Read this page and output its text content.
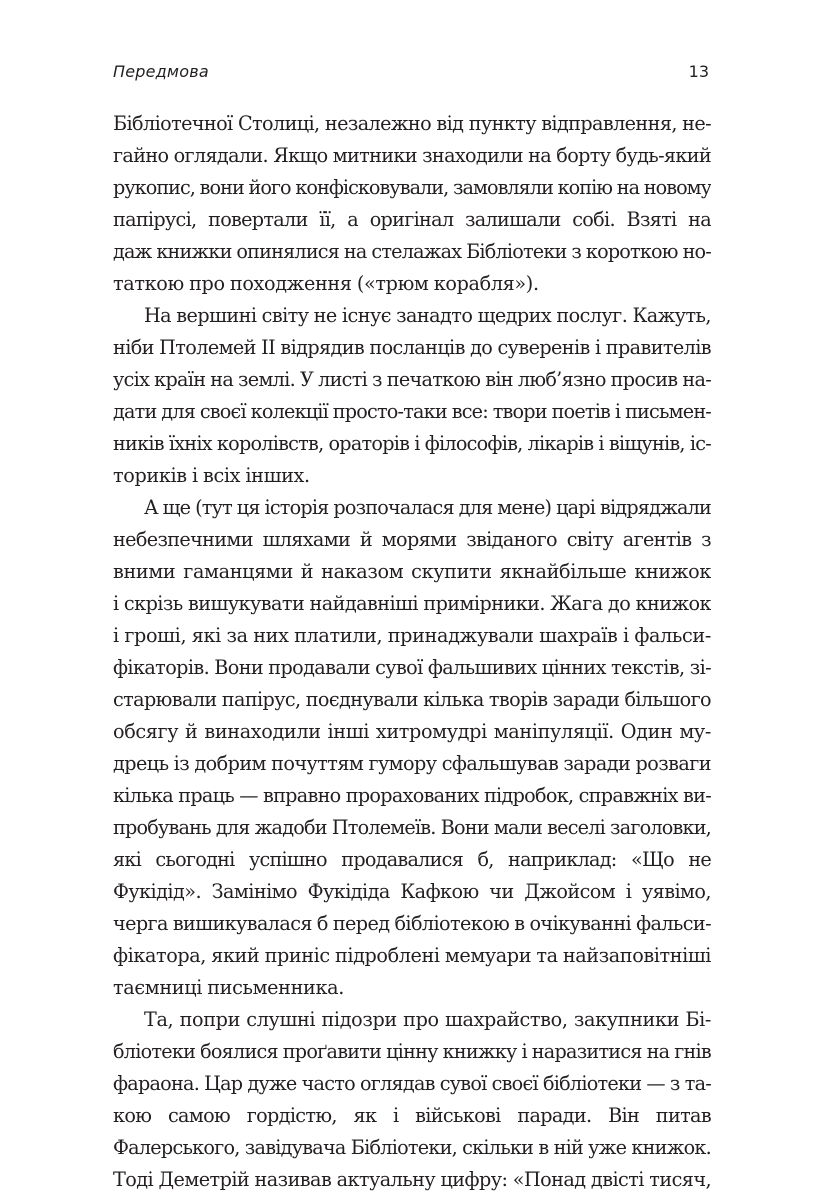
Передмова	13
Бібліотечної Столиці, незалежно від пункту відправлення, не-
гайно оглядали. Якщо митники знаходили на борту будь-який
рукопис, вони його конфісковували, замовляли копію на новому
папірусі, повертали її, а оригінал залишали собі. Взяті на
даж книжки опинялися на стелажах Бібліотеки з короткою но-
таткою про походження («трюм корабля»).
На вершині світу не існує занадто щедрих послуг. Кажуть,
ніби Птолемей II відрядив посланців до суверенів і правителів
усіх країн на землі. У листі з печаткою він люб’язно просив на-
дати для своєї колекції просто-таки все: твори поетів і письмен-
ників їхніх королівств, ораторів і філософів, лікарів і віщунів, іс-
ториків і всіх інших.
А ще (тут ця історія розпочалася для мене) царі відряджали
небезпечними шляхами й морями звіданого світу агентів з
вними гаманцями й наказом скупити якнайбільше книжок
і скрізь вишукувати найдавніші примірники. Жага до книжок
і гроші, які за них платили, принаджували шахраїв і фальси-
фікаторів. Вони продавали сувої фальшивих цінних текстів, зі-
старювали папірус, поєднували кілька творів заради більшого
обсягу й винаходили інші хитромудрі маніпуляції. Один му-
дрець із добрим почуттям гумору сфальшував заради розваги
кілька праць — вправно прорахованих підробок, справжніх ви-
пробувань для жадоби Птолемеїв. Вони мали веселі заголовки,
які сьогодні успішно продавалися б, наприклад: «Що не
Фукідід». Замінімо Фукідіда Кафкою чи Джойсом і уявімо,
черга вишикувалася б перед бібліотекою в очікуванні фальси-
фікатора, який приніс підроблені мемуари та найзаповітніші
таємниці письменника.
Та, попри слушні підозри про шахрайство, закупники Бі-
бліотеки боялися проґавити цінну книжку і наразитися на гнів
фараона. Цар дуже часто оглядав сувої своєї бібліотеки — з та-
кою самою гордістю, як і військові паради. Він питав
Фалерського, завідувача Бібліотеки, скільки в ній уже книжок.
Тоді Деметрій називав актуальну цифру: «Понад двісті тисяч,
